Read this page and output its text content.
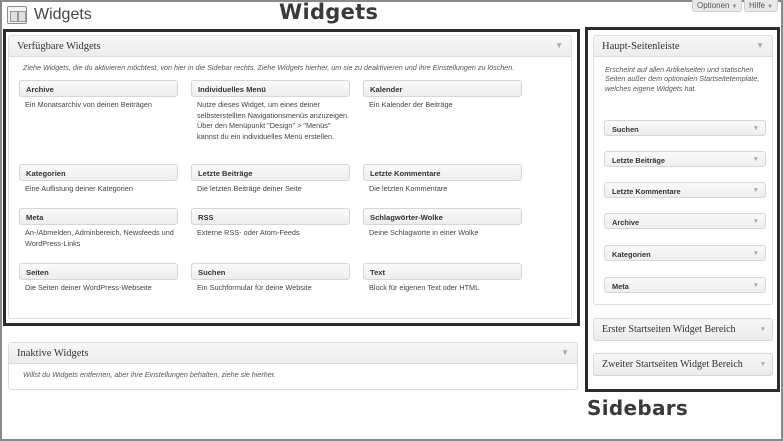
Widgets	Widgets	Optionen ▼	Hilfe ▼
Verfügbare Widgets	▼
Ziehe Widgets, die du aktivieren möchtest, von hier in die Sidebar rechts. Ziehe Widgets hierher, um sie zu deaktivieren und ihre Einstellungen zu löschen.
Archive
Ein Monatsarchiv von deinen Beiträgen
Individuelles Menü
Nutze dieses Widget, um eines deiner selbsterstellten Navigationsmenüs anzuzeigen. Über den Menüpunkt "Design" > "Menüs" kannst du ein individuelles Menü erstellen.
Kalender
Ein Kalender der Beiträge
Kategorien
Eine Auflistung deiner Kategorien
Letzte Beiträge
Die letzten Beiträge deiner Seite
Letzte Kommentare
Die letzten Kommentare
Meta
An-/Abmelden, Adminbereich, Newsfeeds und WordPress-Links
RSS
Externe RSS- oder Atom-Feeds
Schlagwörter-Wolke
Deine Schlagworte in einer Wolke
Seiten
Die Seiten deiner WordPress-Webseite
Suchen
Ein Suchformular für deine Website
Text
Block für eigenen Text oder HTML
Inaktive Widgets	▼
Willst du Widgets entfernen, aber ihre Einstellungen behalten, ziehe sie hierher.
Haupt-Seitenleiste	▼
Erscheint auf allen Artikelseiten und statischen Seiten außer dem optionalen Startseitetemplate, welches eigene Widgets hat.
Suchen	▼
Letzte Beiträge	▼
Letzte Kommentare	▼
Archive	▼
Kategorien	▼
Meta	▼
Erster Startseiten Widget Bereich	▼
Zweiter Startseiten Widget Bereich	▼
Sidebars
